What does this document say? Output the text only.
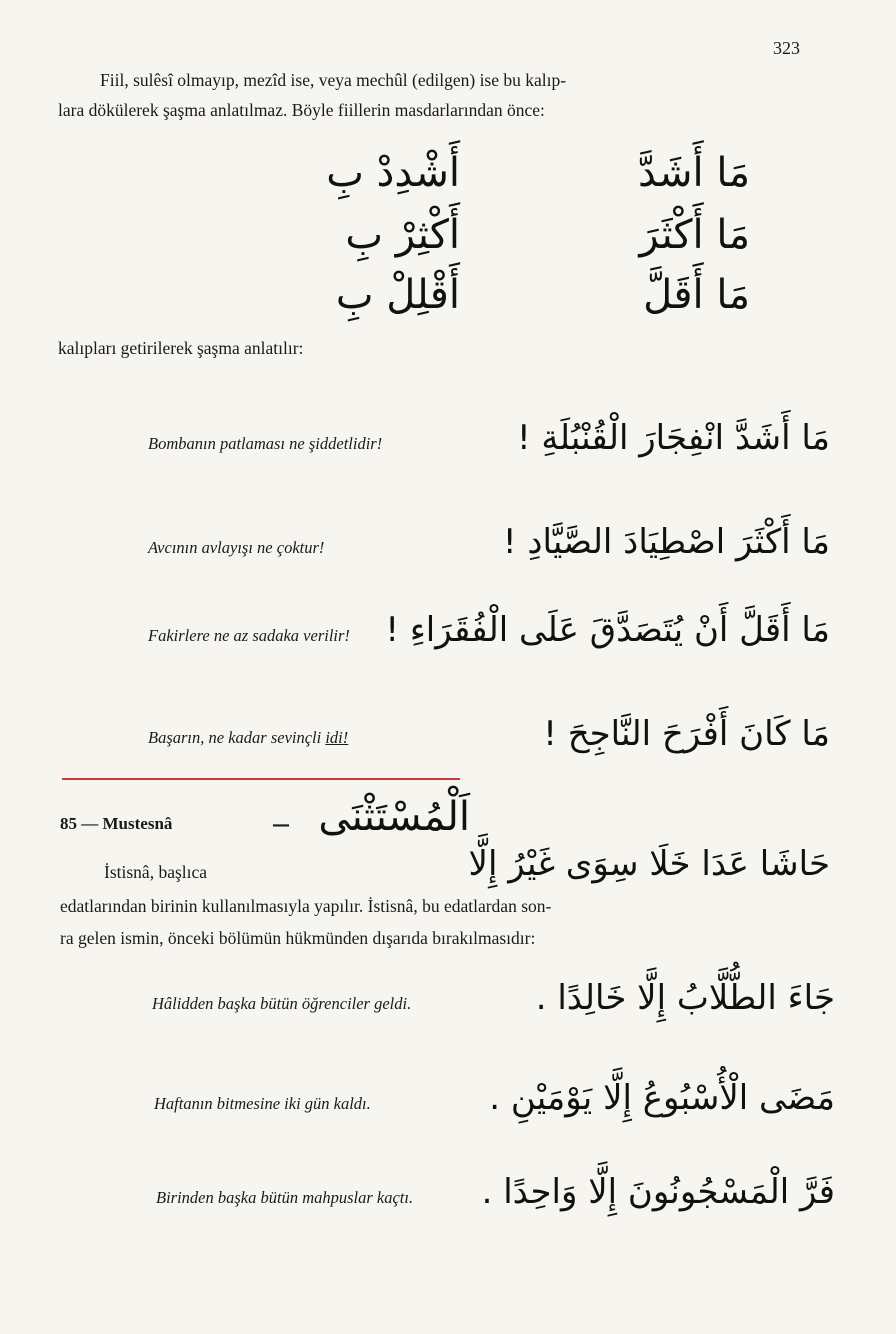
323
Fiil, sulêsî olmayıp, mezîd ise, veya mechûl (edilgen) ise bu kalıp-
lara dökülerek şaşma anlatılmaz. Böyle fiillerin masdarlarından önce:
أَشْدِدْ بِ	مَا أَشَدَّ
أَكْثِرْ بِ	مَا أَكْثَرَ
أَقْلِلْ بِ	مَا أَقَلَّ
kalıpları getirilerek şaşma anlatılır:
Bombanın patlaması ne şiddetlidir!	مَا أَشَدَّ انْفِجَارَ الْقُنْبُلَةِ !
Avcının avlayışı ne çoktur!	مَا أَكْثَرَ اصْطِيَادَ الصَّيَّادِ !
Fakirlere ne az sadaka verilir! مَا أَقَلَّ أَنْ يُتَصَدَّقَ عَلَى الْفُقَرَاءِ !
Başarın, ne kadar sevinçli idi!	مَا كَانَ أَفْرَحَ النَّاجِحَ !
85 — Mustesnâ	— اَلْمُسْتَثْنَى
İstisnâ, başlıca	حَاشَا عَدَا خَلَا سِوَى غَيْرُ إِلَّا
edatlarından birinin kullanılmasıyla yapılır. İstisnâ, bu edatlardan son-
ra gelen ismin, önceki bölümün hükmünden dışarıda bırakılmasıdır:
Hâlidden başka bütün öğrenciler geldi.	جَاءَ الطُّلَّابُ إِلَّا خَالِدًا .
Haftanın bitmesine iki gün kaldı.	مَضَى الْأُسْبُوعُ إِلَّا يَوْمَيْنِ .
Birinden başka bütün mahpuslar kaçtı. فَرَّ الْمَسْجُونُونَ إِلَّا وَاحِدًا .
